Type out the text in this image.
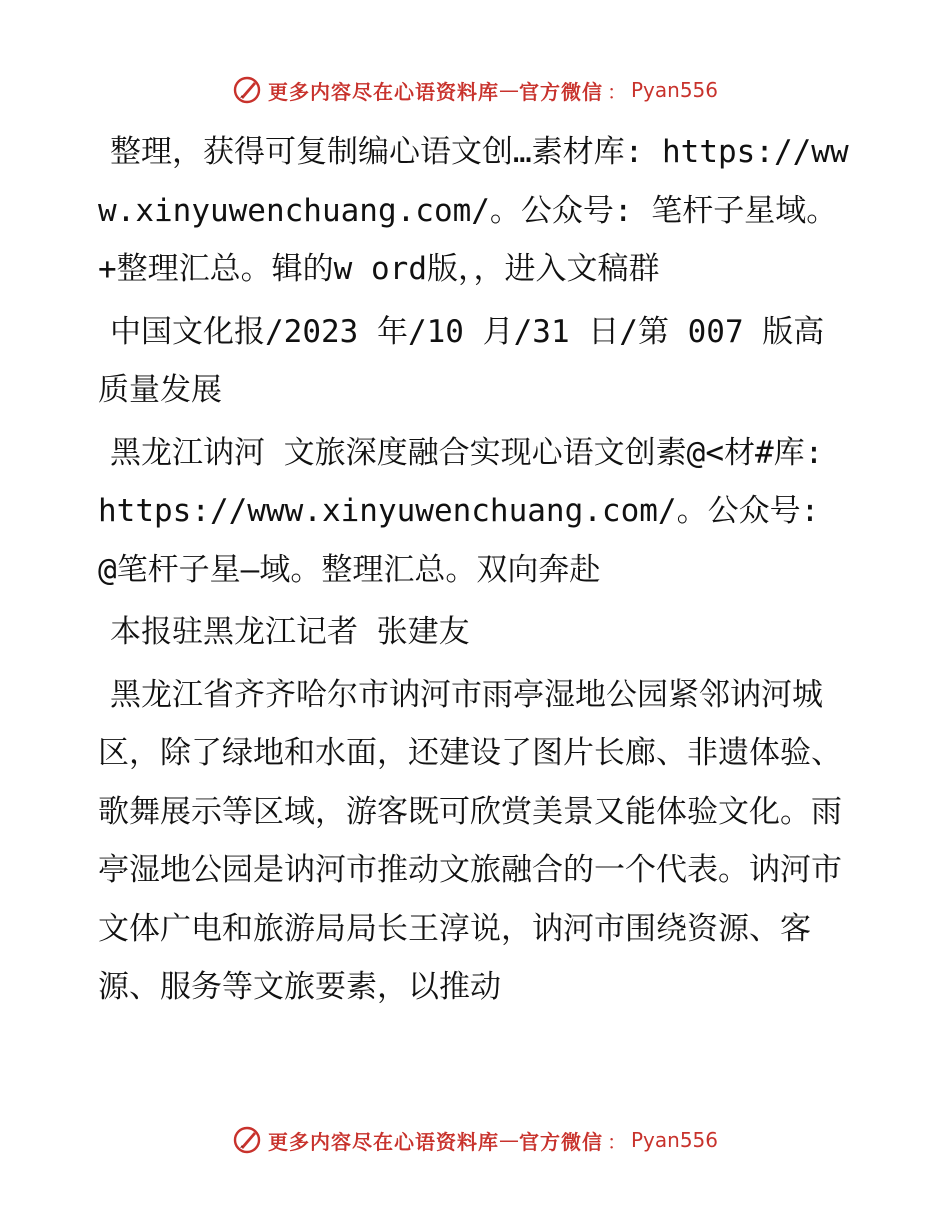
更多内容尽在心语资料库 — 官方微信 ： Pyan556

整理，获得可复制编心语文创…素材库: https://www.xinyuwenchuang.com/。公众号: 笔杆子星域。+整理汇总。辑的w ord版，，进入文稿群

中国文化报/2023 年/10 月/31 日/第 007 版高质量发展

黑龙江讷河 文旅深度融合实现心语文创素@<材#库: https://www.xinyuwenchuang.com/。公众号: @笔杆子星—域。整理汇总。双向奔赴

本报驻黑龙江记者 张建友

黑龙江省齐齐哈尔市讷河市雨亭湿地公园紧邻讷河城区，除了绿地和水面，还建设了图片长廊、非遗体验、歌舞展示等区域，游客既可欣赏美景又能体验文化。雨亭湿地公园是讷河市推动文旅融合的一个代表。讷河市文体广电和旅游局局长王淳说，讷河市围绕资源、客源、服务等文旅要素，以推动

更多内容尽在心语资料库 — 官方微信 ： Pyan556
